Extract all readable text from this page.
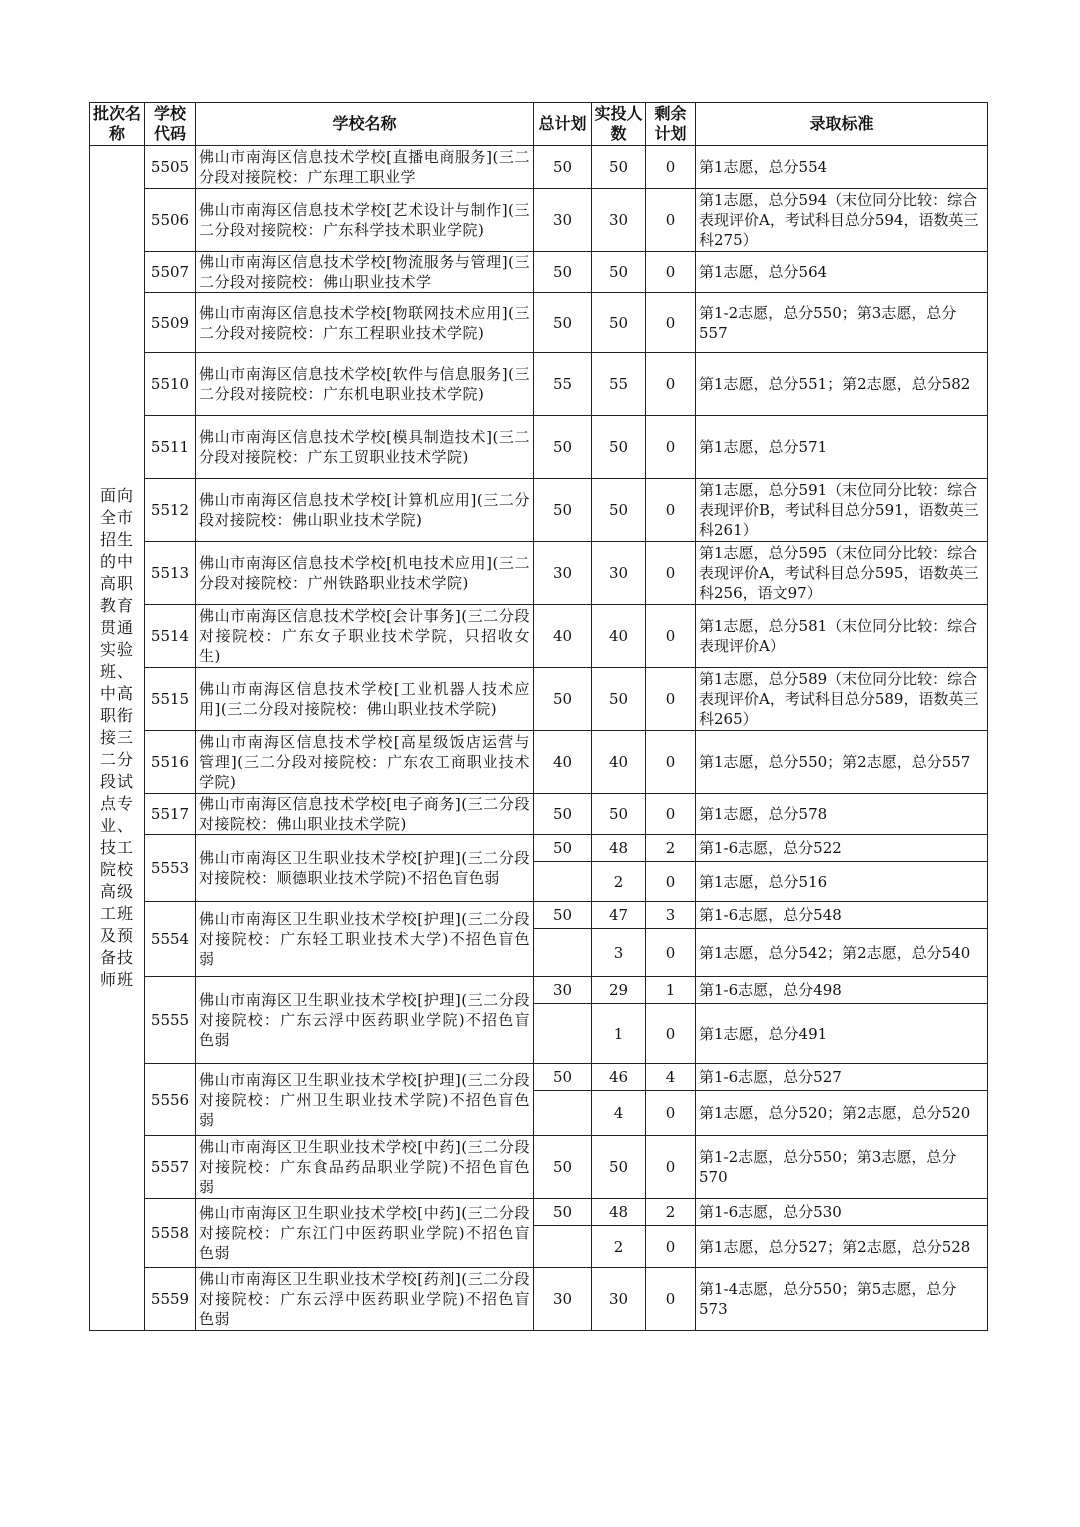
批次名称	学校代码	学校名称	总计划	实投人数	剩余计划	录取标准
面向全市招生的中高职教育贯通实验班、中高职衔接三二分段试点专业、技工院校高级工班及预备技师班	5505	佛山市南海区信息技术学校[直播电商服务](三二分段对接院校：广东理工职业学	50	50	0	第1志愿，总分554
	5506	佛山市南海区信息技术学校[艺术设计与制作](三二分段对接院校：广东科学技术职业学院)	30	30	0	第1志愿，总分594（末位同分比较：综合表现评价A，考试科目总分594，语数英三科275）
	5507	佛山市南海区信息技术学校[物流服务与管理](三二分段对接院校：佛山职业技术学	50	50	0	第1志愿，总分564
	5509	佛山市南海区信息技术学校[物联网技术应用](三二分段对接院校：广东工程职业技术学院)	50	50	0	第1-2志愿，总分550；第3志愿，总分557
	5510	佛山市南海区信息技术学校[软件与信息服务](三二分段对接院校：广东机电职业技术学院)	55	55	0	第1志愿，总分551；第2志愿，总分582
	5511	佛山市南海区信息技术学校[模具制造技术](三二分段对接院校：广东工贸职业技术学院)	50	50	0	第1志愿，总分571
	5512	佛山市南海区信息技术学校[计算机应用](三二分段对接院校：佛山职业技术学院)	50	50	0	第1志愿，总分591（末位同分比较：综合表现评价B，考试科目总分591，语数英三科261）
	5513	佛山市南海区信息技术学校[机电技术应用](三二分段对接院校：广州铁路职业技术学院)	30	30	0	第1志愿，总分595（末位同分比较：综合表现评价A，考试科目总分595，语数英三科256，语文97）
	5514	佛山市南海区信息技术学校[会计事务](三二分段对接院校：广东女子职业技术学院，只招收女生)	40	40	0	第1志愿，总分581（末位同分比较：综合表现评价A）
	5515	佛山市南海区信息技术学校[工业机器人技术应用](三二分段对接院校：佛山职业技术学院)	50	50	0	第1志愿，总分589（末位同分比较：综合表现评价A，考试科目总分589，语数英三科265）
	5516	佛山市南海区信息技术学校[高星级饭店运营与管理](三二分段对接院校：广东农工商职业技术学院)	40	40	0	第1志愿，总分550；第2志愿，总分557
	5517	佛山市南海区信息技术学校[电子商务](三二分段对接院校：佛山职业技术学院)	50	50	0	第1志愿，总分578
	5553	佛山市南海区卫生职业技术学校[护理](三二分段对接院校：顺德职业技术学院)不招色盲色弱	50	48	2	第1-6志愿，总分522
				2	0	第1志愿，总分516
	5554	佛山市南海区卫生职业技术学校[护理](三二分段对接院校：广东轻工职业技术大学)不招色盲色弱	50	47	3	第1-6志愿，总分548
				3	0	第1志愿，总分542；第2志愿，总分540
	5555	佛山市南海区卫生职业技术学校[护理](三二分段对接院校：广东云浮中医药职业学院)不招色盲色弱	30	29	1	第1-6志愿，总分498
				1	0	第1志愿，总分491
	5556	佛山市南海区卫生职业技术学校[护理](三二分段对接院校：广州卫生职业技术学院)不招色盲色弱	50	46	4	第1-6志愿，总分527
				4	0	第1志愿，总分520；第2志愿，总分520
	5557	佛山市南海区卫生职业技术学校[中药](三二分段对接院校：广东食品药品职业学院)不招色盲色弱	50	50	0	第1-2志愿，总分550；第3志愿，总分570
	5558	佛山市南海区卫生职业技术学校[中药](三二分段对接院校：广东江门中医药职业学院)不招色盲色弱	50	48	2	第1-6志愿，总分530
				2	0	第1志愿，总分527；第2志愿，总分528
	5559	佛山市南海区卫生职业技术学校[药剂](三二分段对接院校：广东云浮中医药职业学院)不招色盲色弱	30	30	0	第1-4志愿，总分550；第5志愿，总分573
